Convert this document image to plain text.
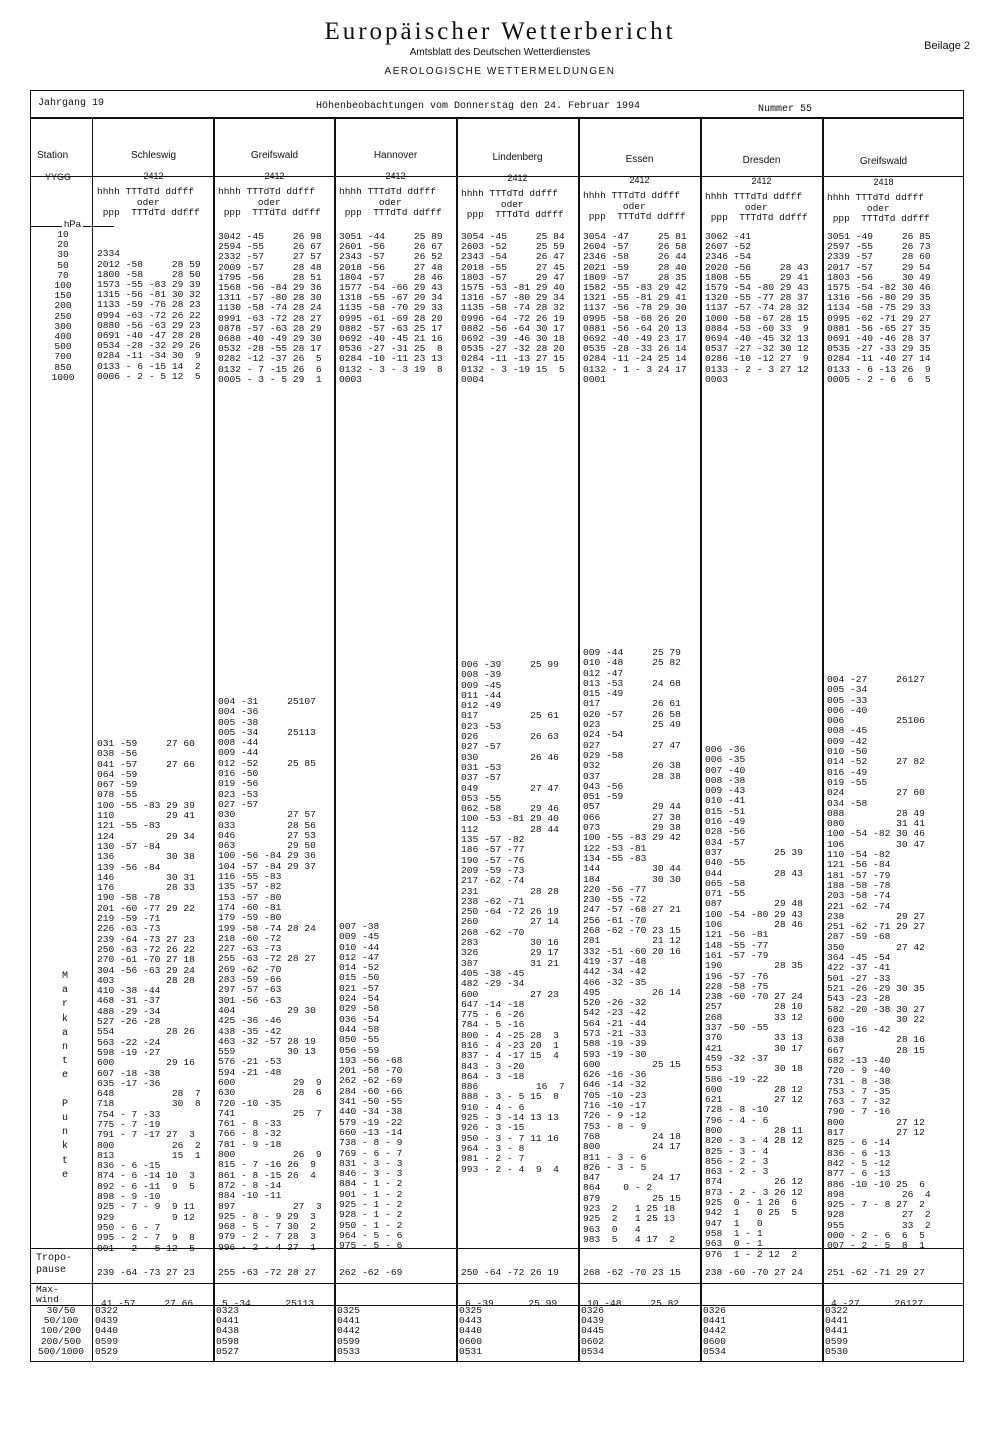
Europäischer Wetterbericht
Amtsblatt des Deutschen Wetterdienstes
AEROLOGISCHE WETTERMELDUNGEN
Beilage 2
Jahrgang 19	Höhenbeobachtungen vom Donnerstag den 24. Februar 1994	Nummer 55
Station
YYGG
hPa
10
20
30
50
70
100
150
200
250
300
400
500
700
850
1000
M
a
r
k
a
n
t
e

P
u
n
k
t
e
Tropo-
pause
Max-
wind
30/50
50/100
100/200
200/500
500/1000
Schleswig
2412
hhhh TTTdTd ddfff
oder
ppp  TTTdTd ddfff

2334
2012 -58     28 59
1800 -58     28 50
1573 -55 -83 29 39
1315 -56 -81 30 32
1133 -59 -76 28 23
0994 -63 -72 26 22
0880 -56 -63 29 23
0691 -40 -47 28 28
0534 -28 -32 29 26
0284 -11 -34 30  9
0133 - 6 -15 14  2
0006 - 2 - 5 12  5
031 -59     27 60
038 -56
041 -57     27 66
064 -59
067 -59
078 -55
100 -55 -83 29 39
110         29 41
121 -55 -83
124         29 34
130 -57 -84
136         30 38
139 -56 -84
146         30 31
176         28 33
190 -58 -78
201 -60 -77 29 22
219 -59 -71
226 -63 -73
239 -64 -73 27 23
250 -63 -72 26 22
270 -61 -70 27 18
304 -56 -63 29 24
403         28 28
410 -38 -44
468 -31 -37
488 -29 -34
527 -26 -28
554         28 26
563 -22 -24
598 -19 -27
600         29 16
607 -18 -38
635 -17 -36
648          28  7
718          30  8
754 - 7 -33
775 - 7 -19
791 - 7 -17 27  3
800          26  2
813          15  1
836 - 6 -15
874 - 6 -14 10  3
892 - 6 -11  9  5
898 - 9 -10
925 - 7 - 9  9 11
929          9 12
950 - 6 - 7
995 - 2 - 7  9  8
001 - 2 - 5 12  5
239 -64 -73 27 23
41 -57     27 66
0322
0439
0440
0599
0529
Greifswald
2412
hhhh TTTdTd ddfff
oder
ppp  TTTdTd ddfff
3042 -45     26 98
2594 -55     26 67
2332 -57     27 57
2009 -57     28 48
1795 -56     28 51
1568 -56 -84 29 36
1311 -57 -80 28 30
1130 -58 -74 28 24
0991 -63 -72 28 27
0878 -57 -63 28 29
0688 -40 -49 29 30
0532 -28 -55 28 17
0282 -12 -37 26  5
0132 - 7 -15 26  6
0005 - 3 - 5 29  1
004 -31     25107
004 -36
005 -38
005 -34     25113
008 -44
009 -44
012 -52     25 85
016 -50
019 -56
023 -53
027 -57
030         27 57
033         28 56
046         27 53
063         29 50
100 -56 -84 29 36
104 -57 -84 29 37
116 -55 -83
135 -57 -82
153 -57 -80
174 -60 -81
179 -59 -80
199 -58 -74 28 24
218 -60 -72
227 -63 -73
255 -63 -72 28 27
269 -62 -70
283 -59 -66
297 -57 -63
301 -56 -63
404         29 30
425 -36 -46
438 -35 -42
463 -32 -57 28 19
559         30 13
576 -21 -53
594 -21 -48
600          29  9
630          28  6
720 -10 -35
741          25  7
761 - 8 -33
766 - 8 -32
781 - 9 -18
800          26  9
815 - 7 -16 26  9
861 - 8 -15 26  4
872 - 8 -14
884 -10 -11
897          27  3
925 - 8 - 9 29  3
968 - 5 - 7 30  2
979 - 2 - 7 28  3
996 - 2 - 4 27  1
255 -63 -72 28 27
5 -34      25113
0323
0441
0438
0598
0527
Hannover
2412
hhhh TTTdTd ddfff
oder
ppp  TTTdTd ddfff
3051 -44     25 89
2601 -56     26 67
2343 -57     26 52
2018 -56     27 48
1804 -57     28 46
1577 -54 -66 29 43
1318 -55 -67 29 34
1135 -58 -70 29 33
0995 -61 -69 28 20
0882 -57 -63 25 17
0692 -40 -45 21 16
0536 -27 -31 25  8
0284 -10 -11 23 13
0132 - 3 - 3 19  8
0003
007 -38
009 -45
010 -44
012 -47
014 -52
015 -50
021 -57
024 -54
029 -58
036 -54
044 -58
050 -55
056 -59
193 -56 -68
201 -58 -70
262 -62 -69
284 -60 -66
341 -50 -55
440 -34 -38
579 -19 -22
660 -13 -14
738 - 8 - 9
769 - 6 - 7
831 - 3 - 3
846 - 3 - 3
884 - 1 - 2
901 - 1 - 2
925 - 1 - 2
928 - 1 - 2
950 - 1 - 2
964 - 5 - 6
975 - 5 - 6
262 -62 -69
0325
0441
0442
0599
0533
Lindenberg
2412
hhhh TTTdTd ddfff
oder
ppp  TTTdTd ddfff
3054 -45     25 84
2603 -52     25 59
2343 -54     26 47
2018 -55     27 45
1803 -57     29 47
1575 -53 -81 29 40
1316 -57 -80 29 34
1135 -58 -74 28 32
0996 -64 -72 26 19
0882 -56 -64 30 17
0692 -39 -46 30 18
0535 -27 -32 28 20
0284 -11 -13 27 15
0132 - 3 -19 15  5
0004
006 -39     25 99
008 -39
009 -45
011 -44
012 -49
017         25 61
023 -53
026         26 63
027 -57
030         26 46
031 -53
037 -57
049         27 47
053 -55
062 -58     29 46
100 -53 -81 29 40
112         28 44
135 -57 -82
186 -57 -77
190 -57 -76
209 -59 -73
217 -62 -74
231         28 28
238 -62 -71
250 -64 -72 26 19
260         27 14
268 -62 -70
283         30 16
326         29 17
387         31 21
405 -38 -45
482 -29 -34
600         27 23
647 -14 -18
775 - 6 -26
784 - 5 -16
800 - 4 -25 28  3
816 - 4 -23 20  1
837 - 4 -17 15  4
843 - 3 -20
864 - 3 -18
886          16  7
888 - 3 - 5 15  8
910 - 4 - 6
925 - 3 -14 13 13
926 - 3 -15
950 - 3 - 7 11 16
964 - 3 - 8
981 - 2 - 7
993 - 2 - 4  9  4
250 -64 -72 26 19
6 -39      25 99
0325
0443
0440
0600
0531
Essen
2412
hhhh TTTdTd ddfff
oder
ppp  TTTdTd ddfff
3054 -47     25 81
2604 -57     26 58
2346 -58     26 44
2021 -59     28 40
1809 -57     28 35
1582 -55 -83 29 42
1321 -55 -81 29 41
1137 -56 -78 29 30
0995 -58 -68 26 20
0881 -56 -64 20 13
0692 -40 -49 23 17
0535 -28 -33 26 14
0284 -11 -24 25 14
0132 - 1 - 3 24 17
0001
009 -44     25 79
010 -48     25 82
012 -47
013 -53     24 68
015 -49
017         26 61
020 -57     26 58
023         25 49
024 -54
027         27 47
029 -58
032         26 38
037         28 38
043 -56
051 -59
057         29 44
066         27 38
073         29 38
100 -55 -83 29 42
122 -53 -81
134 -55 -83
144         30 44
184         30 30
220 -56 -77
230 -55 -72
247 -57 -68 27 21
256 -61 -70
268 -62 -70 23 15
281         21 12
332 -51 -60 20 16
419 -37 -48
442 -34 -42
466 -32 -35
495         26 14
520 -26 -32
542 -23 -42
564 -21 -44
573 -21 -33
588 -19 -39
593 -19 -30
600         25 15
626 -16 -36
646 -14 -32
705 -10 -23
716 -10 -17
726 - 9 -12
753 - 8 - 9
768         24 18
800         24 17
811 - 3 - 6
826 - 3 - 5
847         24 17
864    0 - 2
879         25 15
923  2   1 25 18
925  2   1 25 13
963  0   4
983  5   4 17  2
268 -62 -70 23 15
10 -48     25 82
0326
0439
0445
0602
0534
Dresden
2412
hhhh TTTdTd ddfff
oder
ppp  TTTdTd ddfff
3062 -41
2607 -52
2346 -54
2020 -56     28 43
1808 -55     29 41
1579 -54 -80 29 43
1320 -55 -77 28 37
1137 -57 -74 28 32
1000 -58 -67 28 15
0884 -53 -60 33  9
0694 -40 -45 32 13
0537 -27 -32 30 12
0286 -10 -12 27  9
0133 - 2 - 3 27 12
0003
006 -36
006 -35
007 -40
008 -38
009 -43
010 -41
015 -51
016 -49
028 -56
034 -57
037         25 39
040 -55
044         28 43
065 -58
071 -55
087         29 48
100 -54 -80 29 43
106         28 46
121 -56 -81
148 -55 -77
161 -57 -79
190         28 35
196 -57 -76
228 -58 -75
238 -60 -70 27 24
257         28 10
268         33 12
337 -50 -55
370         33 13
421         30 17
459 -32 -37
553         30 18
586 -19 -22
600         28 12
621         27 12
728 - 8 -10
796 - 4 - 6
800         28 11
820 - 3 - 4 28 12
825 - 3 - 4
856 - 2 - 3
863 - 2 - 3
874         26 12
873 - 2 - 3 26 12
925  0 - 1 26  6
942  1   0 25  5
947  1   0
958  1 - 1
963  0 - 1
976  1 - 2 12  2
238 -60 -70 27 24
0326
0441
0442
0600
0534
Greifswald
2418
hhhh TTTdTd ddfff
oder
ppp  TTTdTd ddfff
3051 -49     26 85
2597 -55     26 73
2339 -57     28 60
2017 -57     29 54
1803 -56     30 49
1575 -54 -82 30 46
1316 -56 -80 29 35
1134 -58 -75 29 33
0995 -62 -71 29 27
0881 -56 -65 27 35
0691 -40 -46 28 37
0535 -27 -33 29 35
0284 -11 -40 27 14
0133 - 6 -13 26  9
0005 - 2 - 6  6  5
004 -27     26127
005 -34
005 -33
006 -40
006         25106
008 -45
009 -42
010 -50
014 -52     27 82
016 -49
019 -55
024         27 60
034 -58
088         28 49
080         31 41
100 -54 -82 30 46
106         30 47
110 -54 -82
121 -56 -84
181 -57 -79
188 -58 -78
203 -58 -74
221 -62 -74
238         29 27
251 -62 -71 29 27
287 -59 -68
350         27 42
364 -45 -54
422 -37 -41
501 -27 -33
521 -26 -29 30 35
543 -23 -28
582 -20 -38 30 27
600         30 22
623 -16 -42
638         28 16
667         28 15
682 -13 -40
720 - 9 -40
731 - 8 -38
753 - 7 -35
763 - 7 -32
790 - 7 -16
800         27 12
817         27 12
825 - 6 -14
836 - 6 -13
842 - 5 -12
877 - 6 -13
886 -10 -10 25  6
898          26  4
925 - 7 - 8 27  2
928          27  2
955          33  2
000 - 2 - 6  6  5
007 - 2 - 5  8  1
251 -62 -71 29 27
4 -27      26127
0322
0441
0441
0599
0530
